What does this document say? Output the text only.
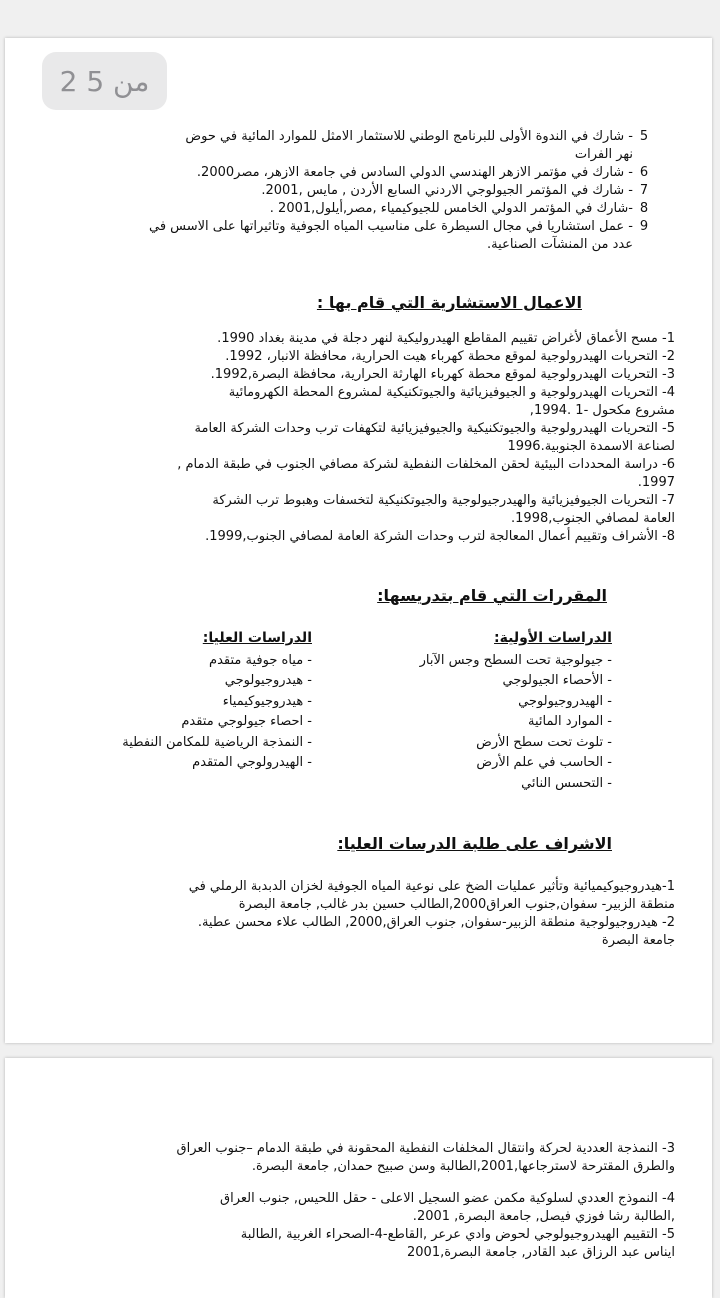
2 من 5
5- شارك في الندوة الأولى للبرنامج الوطني للاستثمار الامثل للموارد المائية في حوض
نهر الفرات
6- شارك في مؤتمر الازهر الهندسي الدولي السادس في جامعة الازهر، مصر2000.
7- شارك في المؤتمر الجيولوجي الاردني السابع الأردن , مايس ,2001.
8-شارك في المؤتمر الدولي الخامس للجيوكيمياء ,مصر,أيلول,2001 .
9- عمل استشاريا في مجال السيطرة على مناسيب المياه الجوفية وتاثيراتها على الاسس في
عدد من المنشآت الصناعية.
الاعمال الاستشارية التي قام بها :
1- مسح الأعماق لأغراض تقييم المقاطع الهيدروليكية لنهر دجلة في مدينة بغداد 1990.
2- التحريات الهيدرولوجية لموقع محطة كهرباء هيت الحرارية، محافظة الانبار، 1992.
3- التحريات الهيدرولوجية لموقع محطة كهرباء الهارثة الحرارية، محافظة البصرة,1992.
4- التحريات الهيدرولوجية و الجيوفيزيائية والجيوتكنيكية لمشروع المحطة الكهرومائية
مشروع مكحول -1 .1994,
5- التحريات الهيدرولوجية والجيوتكنيكية والجيوفيزيائية لتكهفات ترب وحدات الشركة العامة
لصناعة الاسمدة الجنوبية.1996
6- دراسة المحددات البيئية لحقن المخلفات النفطية لشركة مصافي الجنوب في طبقة الدمام ,
1997.
7- التحريات الجيوفيزيائية والهيدرجيولوجية والجيوتكنيكية لتخسفات وهبوط ترب الشركة
العامة لمصافي الجنوب,1998.
8- الأشراف وتقييم أعمال المعالجة لترب وحدات الشركة العامة لمصافي الجنوب,1999.
المقررات التي قام بتدريسها:
الدراسات الأولية:
- جيولوجية تحت السطح وجس الآبار
- الأحصاء الجيولوجي
- الهيدروجيولوجي
- الموارد المائية
- تلوث تحت سطح الأرض
- الحاسب في علم الأرض
- التحسس النائي
الدراسات العليا:
- مياه جوفية متقدم
- هيدروجيولوجي
- هيدروجيوكيمياء
- احصاء جيولوجي متقدم
- النمذجة الرياضية للمكامن النفطية
- الهيدرولوجي المتقدم
الاشراف على طلبة الدرسات العليا:
1-هيدروجيوكيميائية وتأثير عمليات الضخ على نوعية المياه الجوفية لخزان الدبدبة الرملي في
منطقة الزبير- سفوان,جنوب العراق2000,الطالب حسين بدر غالب, جامعة البصرة
2- هيدروجيولوجية منطقة الزبير-سفوان, جنوب العراق,2000, الطالب علاء محسن عطية.
جامعة البصرة
3- النمذجة العددية لحركة وانتقال المخلفات النفطية المحقونة في طبقة الدمام –جنوب العراق
والطرق المقترحة لاسترجاعها,2001,الطالبة وسن صبيح حمدان, جامعة البصرة.
4- النموذج العددي لسلوكية مكمن عضو السجيل الاعلى - حقل اللحيس, جنوب العراق
,الطالبة رشا فوزي فيصل, جامعة البصرة, 2001.
5- التقييم الهيدروجيولوجي لحوض وادي عرعر ,القاطع-4-الصحراء الغربية ,الطالبة
ايناس عبد الرزاق عبد القادر, جامعة البصرة,2001
